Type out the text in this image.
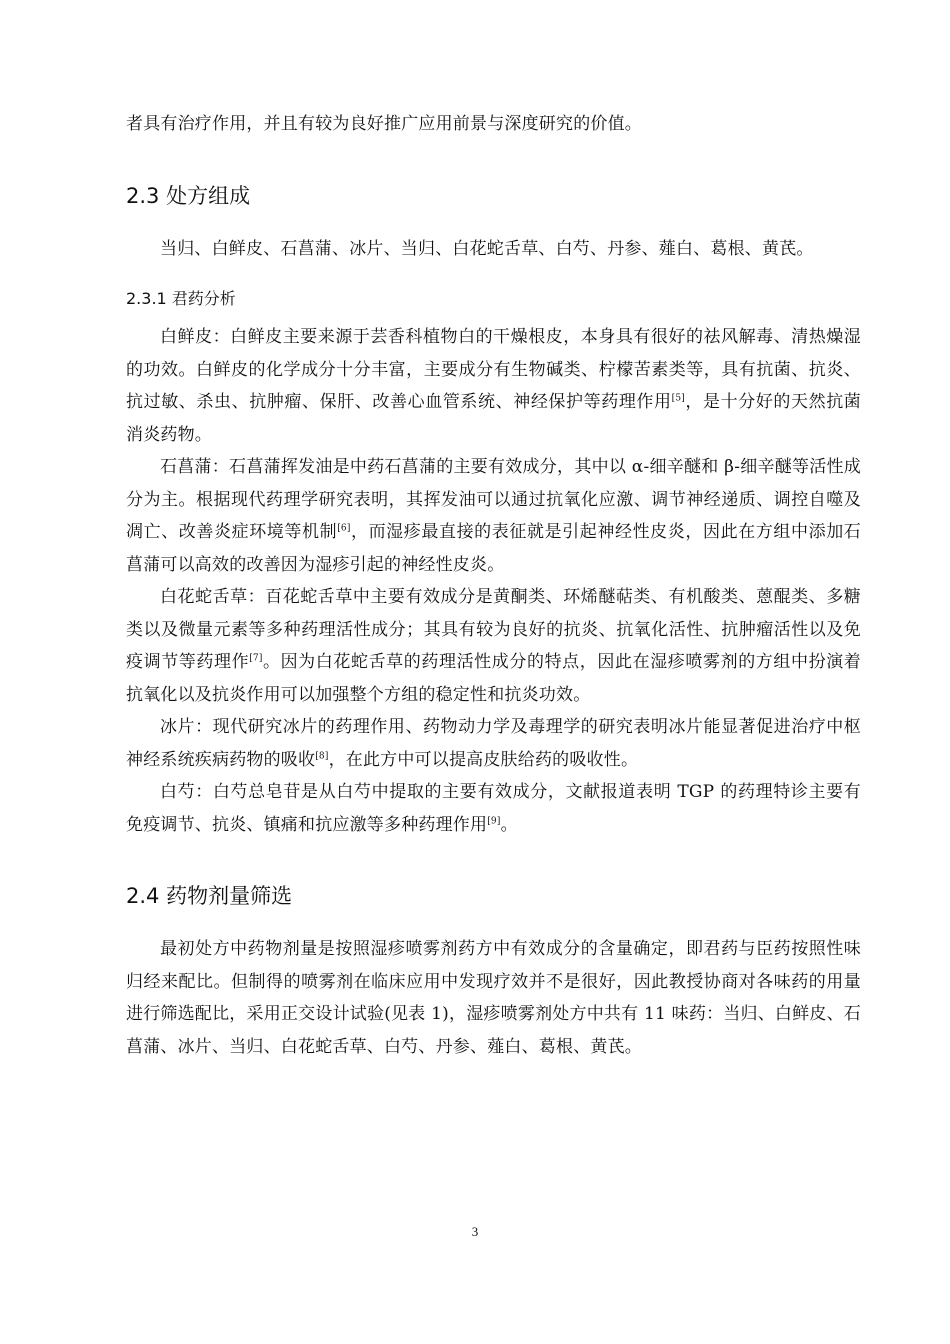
者具有治疗作用，并且有较为良好推广应用前景与深度研究的价值。

2.3 处方组成

当归、白鲜皮、石菖蒲、冰片、当归、白花蛇舌草、白芍、丹参、薤白、葛根、黄芪。

2.3.1 君药分析

白鲜皮：白鲜皮主要来源于芸香科植物白的干燥根皮，本身具有很好的祛风解毒、清热燥湿的功效。白鲜皮的化学成分十分丰富，主要成分有生物碱类、柠檬苦素类等，具有抗菌、抗炎、抗过敏、杀虫、抗肿瘤、保肝、改善心血管系统、神经保护等药理作用[5]，是十分好的天然抗菌消炎药物。

石菖蒲：石菖蒲挥发油是中药石菖蒲的主要有效成分，其中以 α-细辛醚和 β-细辛醚等活性成分为主。根据现代药理学研究表明，其挥发油可以通过抗氧化应激、调节神经递质、调控自噬及凋亡、改善炎症环境等机制[6]，而湿疹最直接的表征就是引起神经性皮炎，因此在方组中添加石菖蒲可以高效的改善因为湿疹引起的神经性皮炎。

白花蛇舌草：百花蛇舌草中主要有效成分是黄酮类、环烯醚萜类、有机酸类、蒽醌类、多糖类以及微量元素等多种药理活性成分；其具有较为良好的抗炎、抗氧化活性、抗肿瘤活性以及免疫调节等药理作[7]。因为白花蛇舌草的药理活性成分的特点，因此在湿疹喷雾剂的方组中扮演着抗氧化以及抗炎作用可以加强整个方组的稳定性和抗炎功效。

冰片：现代研究冰片的药理作用、药物动力学及毒理学的研究表明冰片能显著促进治疗中枢神经系统疾病药物的吸收[8]，在此方中可以提高皮肤给药的吸收性。

白芍：白芍总皂苷是从白芍中提取的主要有效成分，文献报道表明 TGP 的药理特诊主要有免疫调节、抗炎、镇痛和抗应激等多种药理作用[9]。

2.4 药物剂量筛选

最初处方中药物剂量是按照湿疹喷雾剂药方中有效成分的含量确定，即君药与臣药按照性味归经来配比。但制得的喷雾剂在临床应用中发现疗效并不是很好，因此教授协商对各味药的用量进行筛选配比，采用正交设计试验(见表 1)，湿疹喷雾剂处方中共有 11 味药：当归、白鲜皮、石菖蒲、冰片、当归、白花蛇舌草、白芍、丹参、薤白、葛根、黄芪。

3
